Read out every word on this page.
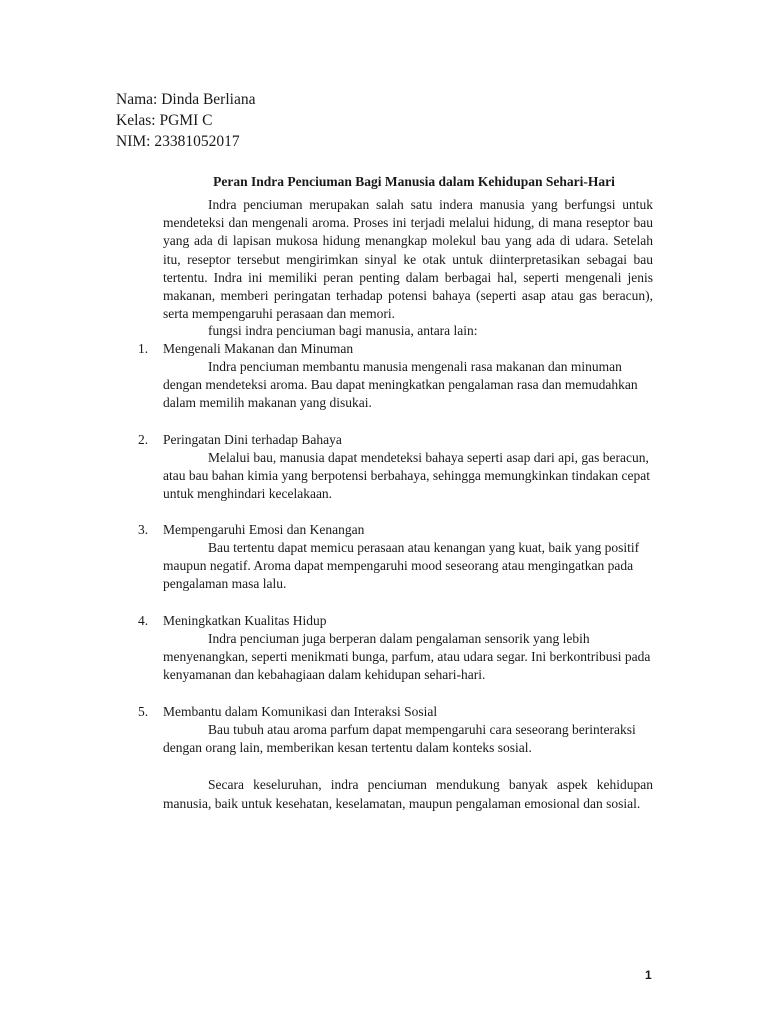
Nama: Dinda Berliana
Kelas: PGMI C
NIM: 23381052017
Peran Indra Penciuman Bagi Manusia dalam Kehidupan Sehari-Hari
Indra penciuman merupakan salah satu indera manusia yang berfungsi untuk mendeteksi dan mengenali aroma. Proses ini terjadi melalui hidung, di mana reseptor bau yang ada di lapisan mukosa hidung menangkap molekul bau yang ada di udara. Setelah itu, reseptor tersebut mengirimkan sinyal ke otak untuk diinterpretasikan sebagai bau tertentu. Indra ini memiliki peran penting dalam berbagai hal, seperti mengenali jenis makanan, memberi peringatan terhadap potensi bahaya (seperti asap atau gas beracun), serta mempengaruhi perasaan dan memori.
fungsi indra penciuman bagi manusia, antara lain:
1. Mengenali Makanan dan Minuman
Indra penciuman membantu manusia mengenali rasa makanan dan minuman dengan mendeteksi aroma. Bau dapat meningkatkan pengalaman rasa dan memudahkan dalam memilih makanan yang disukai.
2. Peringatan Dini terhadap Bahaya
Melalui bau, manusia dapat mendeteksi bahaya seperti asap dari api, gas beracun, atau bau bahan kimia yang berpotensi berbahaya, sehingga memungkinkan tindakan cepat untuk menghindari kecelakaan.
3. Mempengaruhi Emosi dan Kenangan
Bau tertentu dapat memicu perasaan atau kenangan yang kuat, baik yang positif maupun negatif. Aroma dapat mempengaruhi mood seseorang atau mengingatkan pada pengalaman masa lalu.
4. Meningkatkan Kualitas Hidup
Indra penciuman juga berperan dalam pengalaman sensorik yang lebih menyenangkan, seperti menikmati bunga, parfum, atau udara segar. Ini berkontribusi pada kenyamanan dan kebahagiaan dalam kehidupan sehari-hari.
5. Membantu dalam Komunikasi dan Interaksi Sosial
Bau tubuh atau aroma parfum dapat mempengaruhi cara seseorang berinteraksi dengan orang lain, memberikan kesan tertentu dalam konteks sosial.
Secara keseluruhan, indra penciuman mendukung banyak aspek kehidupan manusia, baik untuk kesehatan, keselamatan, maupun pengalaman emosional dan sosial.
1
